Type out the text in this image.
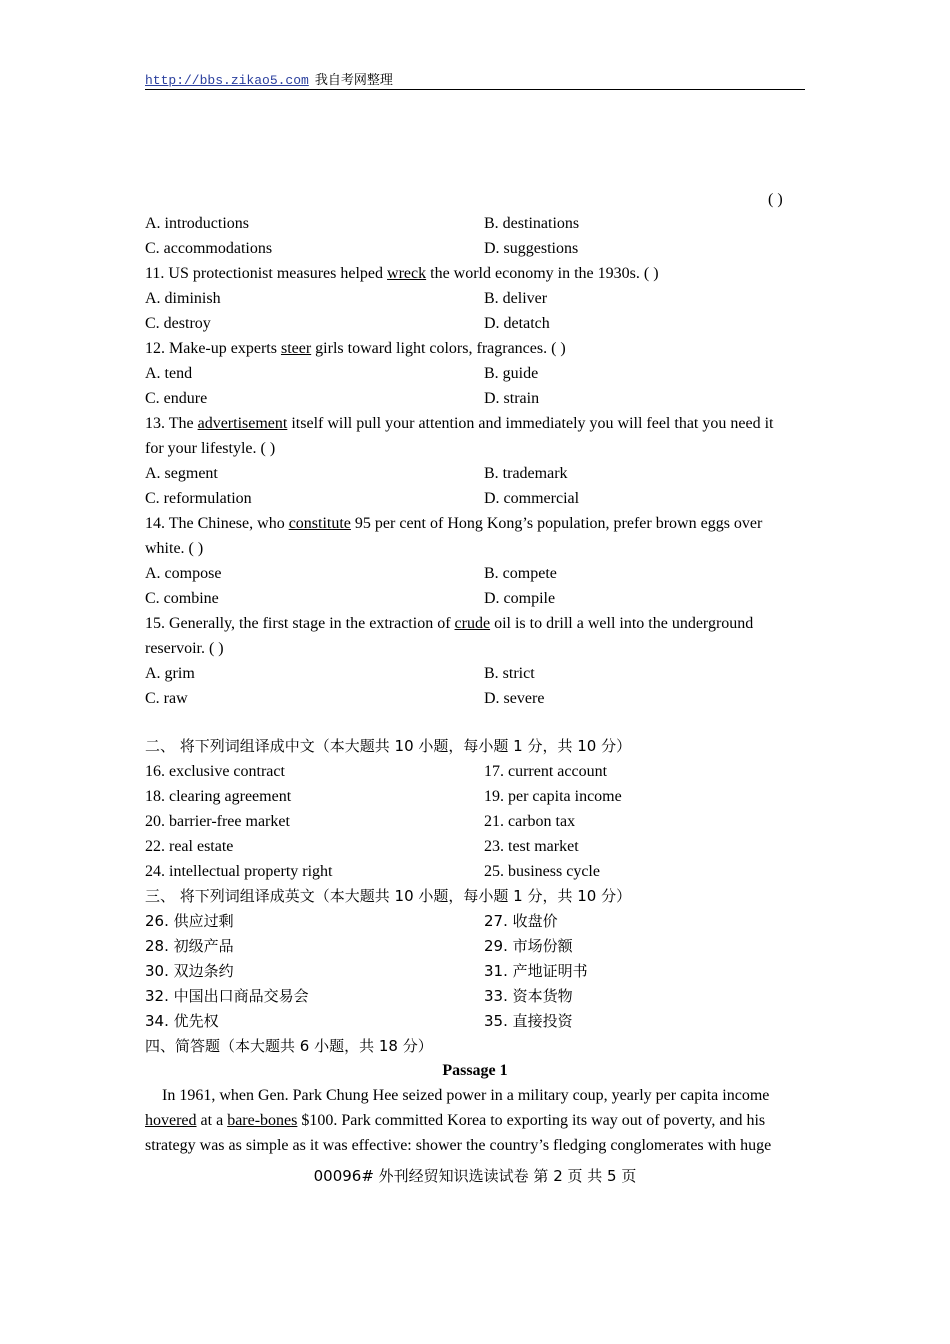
http://bbs.zikao5.com 我自考网整理
( )
A. introductions	B. destinations
C. accommodations	D. suggestions
11. US protectionist measures helped wreck the world economy in the 1930s. ( )
A. diminish	B. deliver
C. destroy	D. detatch
12. Make-up experts steer girls toward light colors, fragrances. ( )
A. tend	B. guide
C. endure	D. strain
13. The advertisement itself will pull your attention and immediately you will feel that you need it
for your lifestyle. ( )
A. segment	B. trademark
C. reformulation	D. commercial
14. The Chinese, who constitute 95 per cent of Hong Kong’s population, prefer brown eggs over
white. ( )
A. compose	B. compete
C. combine	D. compile
15. Generally, the first stage in the extraction of crude oil is to drill a well into the underground
reservoir. ( )
A. grim	B. strict
C. raw	D. severe
二、 将下列词组译成中文（本大题共 10 小题，每小题 1 分，共 10 分）
16. exclusive contract	17. current account
18. clearing agreement	19. per capita income
20. barrier-free market	21. carbon tax
22. real estate	23. test market
24. intellectual property right	25. business cycle
三、 将下列词组译成英文（本大题共 10 小题，每小题 1 分，共 10 分）
26. 供应过剩	27. 收盘价
28. 初级产品	29. 市场份额
30. 双边条约	31. 产地证明书
32. 中国出口商品交易会	33. 资本货物
34. 优先权	35. 直接投资
四、简答题（本大题共 6 小题，共 18 分）
Passage 1
In 1961, when Gen. Park Chung Hee seized power in a military coup, yearly per capita income
hovered at a bare-bones $100. Park committed Korea to exporting its way out of poverty, and his
strategy was as simple as it was effective: shower the country’s fledging conglomerates with huge
00096# 外刊经贸知识选读试卷 第 2 页 共 5 页
